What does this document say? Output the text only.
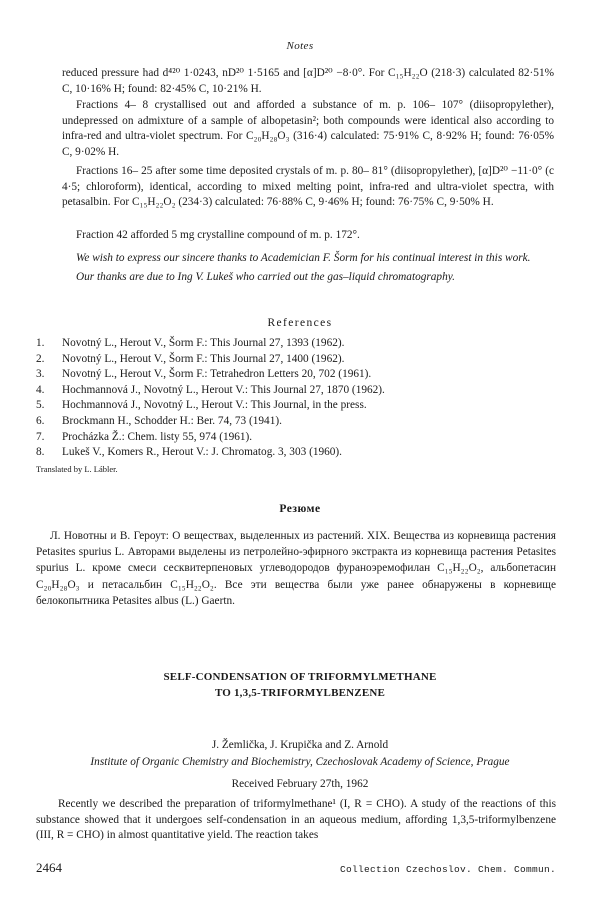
Notes

reduced pressure had d⁴²⁰ 1·0243, nD²⁰ 1·5165 and [α]D²⁰ −8·0°. For C₁₅H₂₂O (218·3) calculated 82·51% C, 10·16% H; found: 82·45% C, 10·21% H.

Fractions 4– 8 crystallised out and afforded a substance of m. p. 106– 107° (diisopropylether), undepressed on admixture of a sample of albopetasin²; both compounds were identical also according to infra-red and ultra-violet spectrum. For C₂₀H₂₈O₃ (316·4) calculated: 75·91% C, 8·92% H; found: 76·05% C, 9·02% H.

Fractions 16– 25 after some time deposited crystals of m. p. 80– 81° (diisopropylether), [α]D²⁰ −11·0° (c 4·5; chloroform), identical, according to mixed melting point, infra-red and ultra-violet spectra, with petasalbin. For C₁₅H₂₂O₂ (234·3) calculated: 76·88% C, 9·46% H; found: 76·75% C, 9·50% H.

Fraction 42 afforded 5 mg crystalline compound of m. p. 172°.

We wish to express our sincere thanks to Academician F. Šorm for his continual interest in this work.

Our thanks are due to Ing V. Lukeš who carried out the gas–liquid chromatography.

References
1.	Novotný L., Herout V., Šorm F.: This Journal 27, 1393 (1962).
2.	Novotný L., Herout V., Šorm F.: This Journal 27, 1400 (1962).
3.	Novotný L., Herout V., Šorm F.: Tetrahedron Letters 20, 702 (1961).
4.	Hochmannová J., Novotný L., Herout V.: This Journal 27, 1870 (1962).
5.	Hochmannová J., Novotný L., Herout V.: This Journal, in the press.
6.	Brockmann H., Schodder H.: Ber. 74, 73 (1941).
7.	Procházka Ž.: Chem. listy 55, 974 (1961).
8.	Lukeš V., Komers R., Herout V.: J. Chromatog. 3, 303 (1960).
Translated by L. Lábler.
Резюме
Л. Новотны и В. Героут: О веществах, выделенных из растений. XIX. Вещества из корневища растения Petasites spurius L. Авторами выделены из петролейно-эфирного экстракта из корневища растения Petasites spurius L. кроме смеси сесквитерпеновых углеводородов фураноэремофилан C₁₅H₂₂O₂, альбопетасин C₂₀H₂₈O₃ и петасальбин C₁₅H₂₂O₂. Все эти вещества были уже ранее обнаружены в корневище белокопытника Petasites albus (L.) Gaertn.
SELF-CONDENSATION OF TRIFORMYLMETHANE
TO 1,3,5-TRIFORMYLBENZENE
J. Žemlička, J. Krupička and Z. Arnold
Institute of Organic Chemistry and Biochemistry, Czechoslovak Academy of Science, Prague
Received February 27th, 1962
Recently we described the preparation of triformylmethane¹ (I, R = CHO). A study of the reactions of this substance showed that it undergoes self-condensation in an aqueous medium, affording 1,3,5-triformylbenzene (III, R = CHO) in almost quantitative yield. The reaction takes
2464	Collection Czechoslov. Chem. Commun.
